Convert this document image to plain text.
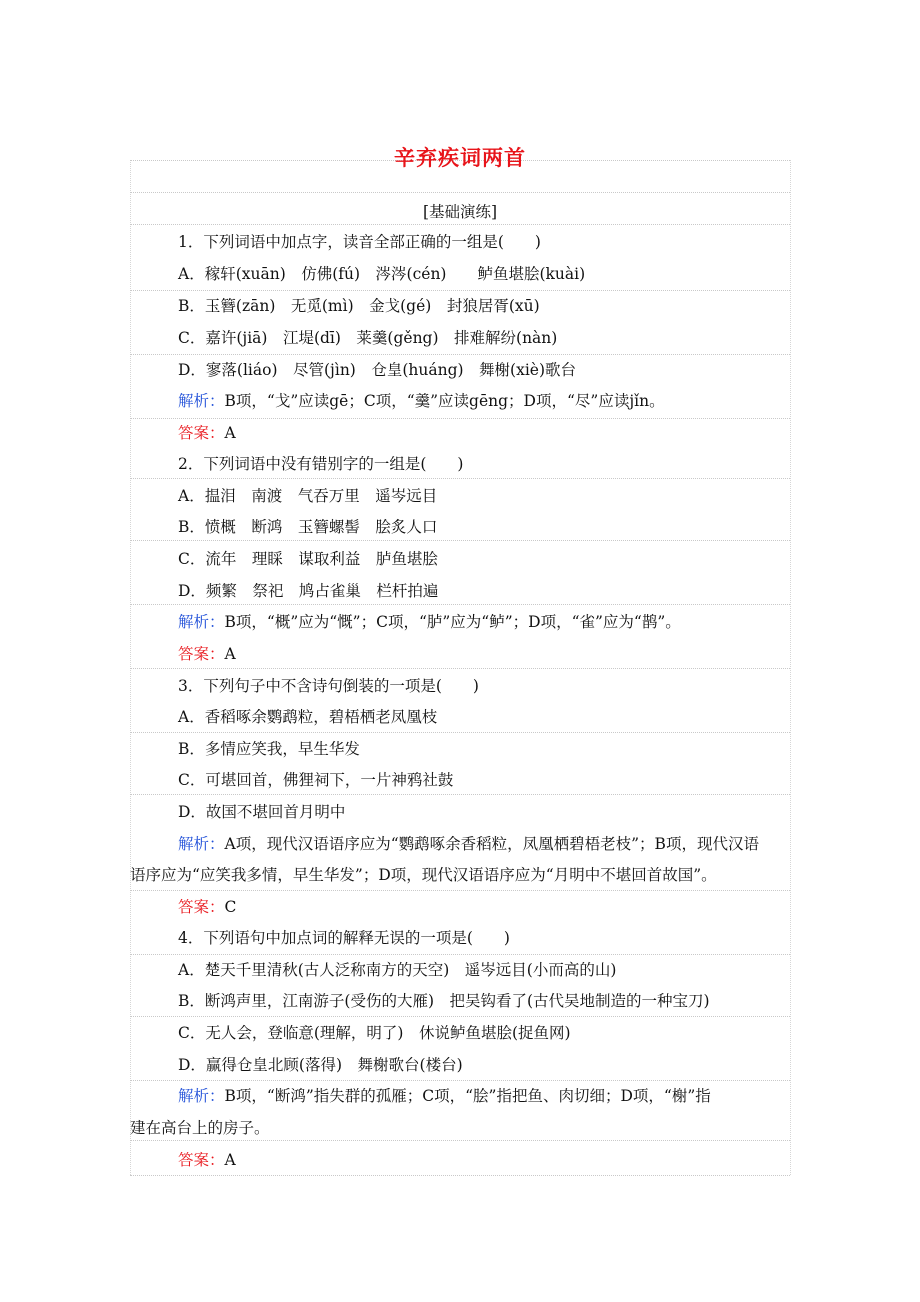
辛弃疾词两首
[基础演练]
1．下列词语中加点字，读音全部正确的一组是(　　)
A．稼轩(xuān)　仿佛(fú)　涔涔(cén)　　鲈鱼堪脍(kuài)
B．玉簪(zān)　无觅(mì)　金戈(gé)　封狼居胥(xū)
C．嘉许(jiā)　江堤(dī)　莱羹(gěng)　排难解纷(nàn)
D．寥落(liáo)　尽管(jìn)　仓皇(huáng)　舞榭(xiè)歌台
解析：B项，“戈”应读gē；C项，“羹”应读gēng；D项，“尽”应读jǐn。
答案：A
2．下列词语中没有错别字的一组是(　　)
A．揾泪　南渡　气吞万里　遥岑远目
B．愤概　断鸿　玉簪螺髻　脍炙人口
C．流年　理睬　谋取利益　胪鱼堪脍
D．频繁　祭祀　鸠占雀巢　栏杆拍遍
解析：B项，“概”应为“慨”；C项，“胪”应为“鲈”；D项，“雀”应为“鹊”。
答案：A
3．下列句子中不含诗句倒装的一项是(　　)
A．香稻啄余鹦鹉粒，碧梧栖老凤凰枝
B．多情应笑我，早生华发
C．可堪回首，佛狸祠下，一片神鸦社鼓
D．故国不堪回首月明中
解析：A项，现代汉语语序应为“鹦鹉啄余香稻粒，凤凰栖碧梧老枝”；B项，现代汉语
语序应为“应笑我多情，早生华发”；D项，现代汉语语序应为“月明中不堪回首故国”。
答案：C
4．下列语句中加点词的解释无误的一项是(　　)
A．楚天千里清秋(古人泛称南方的天空)　遥岑远目(小而高的山)
B．断鸿声里，江南游子(受伤的大雁)　把吴钩看了(古代吴地制造的一种宝刀)
C．无人会，登临意(理解，明了)　休说鲈鱼堪脍(捉鱼网)
D．赢得仓皇北顾(落得)　舞榭歌台(楼台)
解析：B项，“断鸿”指失群的孤雁；C项，“脍”指把鱼、肉切细；D项，“榭”指
建在高台上的房子。
答案：A
